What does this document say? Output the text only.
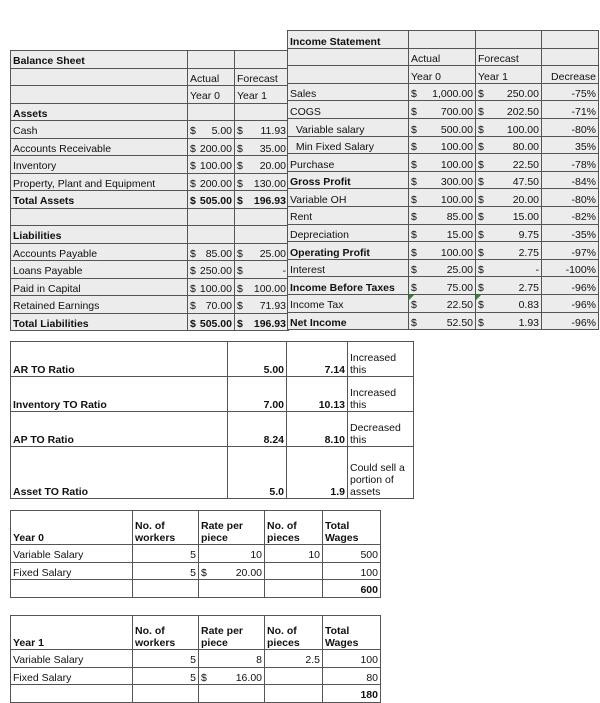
Balance Sheet		
	Actual	Forecast
	Year 0	Year 1
Assets		
Cash	$ 5.00	$ 11.93

Accounts Receivable	$ 200.00	$ 35.00

Inventory	$ 100.00	$ 20.00

Property, Plant and Equipment	$ 200.00	$ 130.00

Total Assets	$ 505.00	$ 196.93

Liabilities		
Accounts Payable	$ 85.00	$ 25.00

Loans Payable	$ 250.00	$ -

Paid in Capital	$ 100.00	$ 100.00

Retained Earnings	$ 70.00	$ 71.93

Total Liabilities	$ 505.00	$ 196.93
Income Statement			
	Actual	Forecast	
	Year 0	Year 1	Decrease
Sales	$ 1,000.00	$ 250.00	-75%
COGS	$ 700.00	$ 202.50	-71%
Variable salary	$ 500.00	$ 100.00	-80%
Min Fixed Salary	$ 100.00	$ 80.00	35%
Purchase	$ 100.00	$ 22.50	-78%
Gross Profit	$ 300.00	$ 47.50	-84%
Variable OH	$ 100.00	$ 20.00	-80%
Rent	$ 85.00	$ 15.00	-82%
Depreciation	$ 15.00	$ 9.75	-35%
Operating Profit	$ 100.00	$ 2.75	-97%
Interest	$ 25.00	$ -	-100%
Income Before Taxes	$ 75.00	$ 2.75	-96%
Income Tax	$ 22.50	$ 0.83	-96%
Net Income	$ 52.50	$ 1.93	-96%
AR TO Ratio	5.00	7.14	Increased this
Inventory TO Ratio	7.00	10.13	Increased this
AP TO Ratio	8.24	8.10	Decreased this
Asset TO Ratio	5.0	1.9	Could sell a portion of assets
Year 0	No. of workers	Rate per piece	No. of pieces	Total Wages
Variable Salary	5	10	10	500
Fixed Salary	5	$ 20.00		100
				600
Year 1	No. of workers	Rate per piece	No. of pieces	Total Wages
Variable Salary	5	8	2.5	100
Fixed Salary	5	$ 16.00		80
				180
